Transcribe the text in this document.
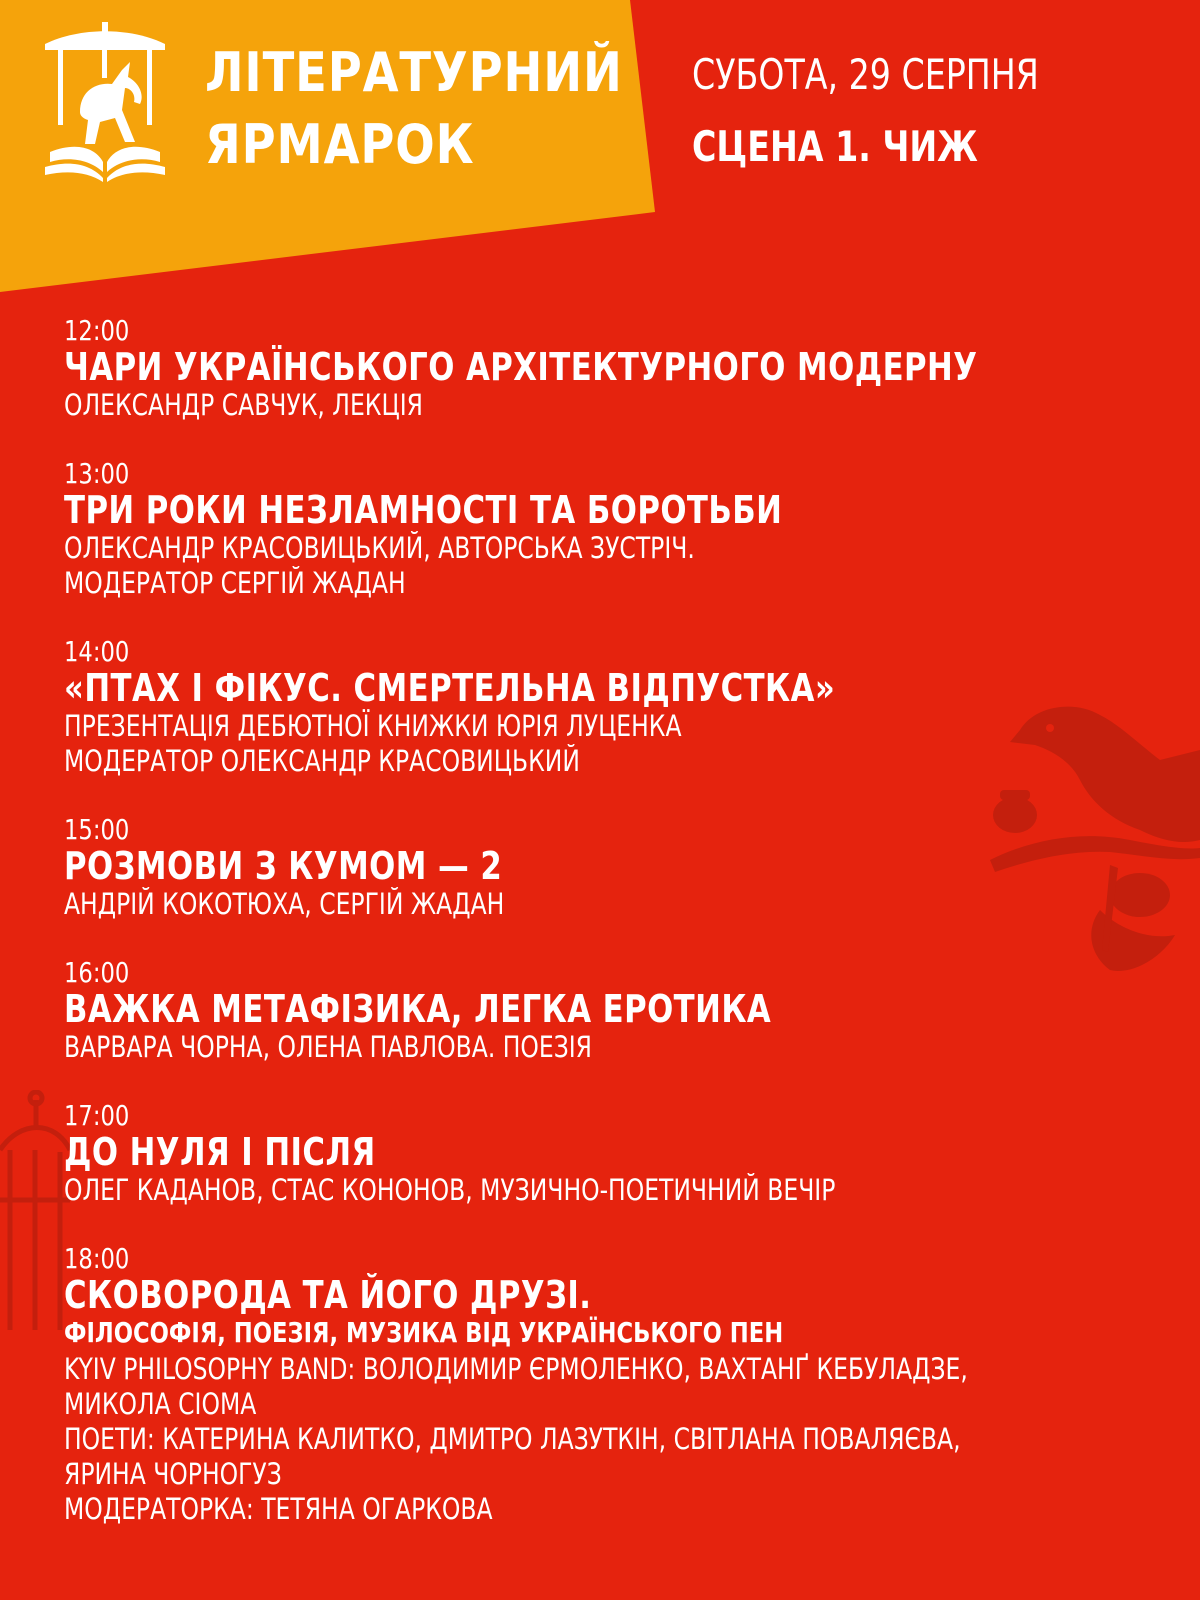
ЛІТЕРАТУРНИЙ
ЯРМАРОК
СУБОТА, 29 СЕРПНЯ
СЦЕНА 1. ЧИЖ
12:00
ЧАРИ УКРАЇНСЬКОГО АРХІТЕКТУРНОГО МОДЕРНУ
ОЛЕКСАНДР САВЧУК, ЛЕКЦІЯ
13:00
ТРИ РОКИ НЕЗЛАМНОСТІ ТА БОРОТЬБИ
ОЛЕКСАНДР КРАСОВИЦЬКИЙ, АВТОРСЬКА ЗУСТРІЧ.
МОДЕРАТОР СЕРГІЙ ЖАДАН
14:00
«ПТАХ І ФІКУС. СМЕРТЕЛЬНА ВІДПУСТКА»
ПРЕЗЕНТАЦІЯ ДЕБЮТНОЇ КНИЖКИ ЮРІЯ ЛУЦЕНКА
МОДЕРАТОР ОЛЕКСАНДР КРАСОВИЦЬКИЙ
15:00
РОЗМОВИ З КУМОМ — 2
АНДРІЙ КОКОТЮХА, СЕРГІЙ ЖАДАН
16:00
ВАЖКА МЕТАФІЗИКА, ЛЕГКА ЕРОТИКА
ВАРВАРА ЧОРНА, ОЛЕНА ПАВЛОВА. ПОЕЗІЯ
17:00
ДО НУЛЯ І ПІСЛЯ
ОЛЕГ КАДАНОВ, СТАС КОНОНОВ, МУЗИЧНО-ПОЕТИЧНИЙ ВЕЧІР
18:00
СКОВОРОДА ТА ЙОГО ДРУЗІ.
ФІЛОСОФІЯ, ПОЕЗІЯ, МУЗИКА ВІД УКРАЇНСЬКОГО ПЕН
KYIV PHILOSOPHY BAND: ВОЛОДИМИР ЄРМОЛЕНКО, ВАХТАНҐ КЕБУЛАДЗЕ,
МИКОЛА СІОМА
ПОЕТИ: КАТЕРИНА КАЛИТКО, ДМИТРО ЛАЗУТКІН, СВІТЛАНА ПОВАЛЯЄВА,
ЯРИНА ЧОРНОГУЗ
МОДЕРАТОРКА: ТЕТЯНА ОГАРКОВА
